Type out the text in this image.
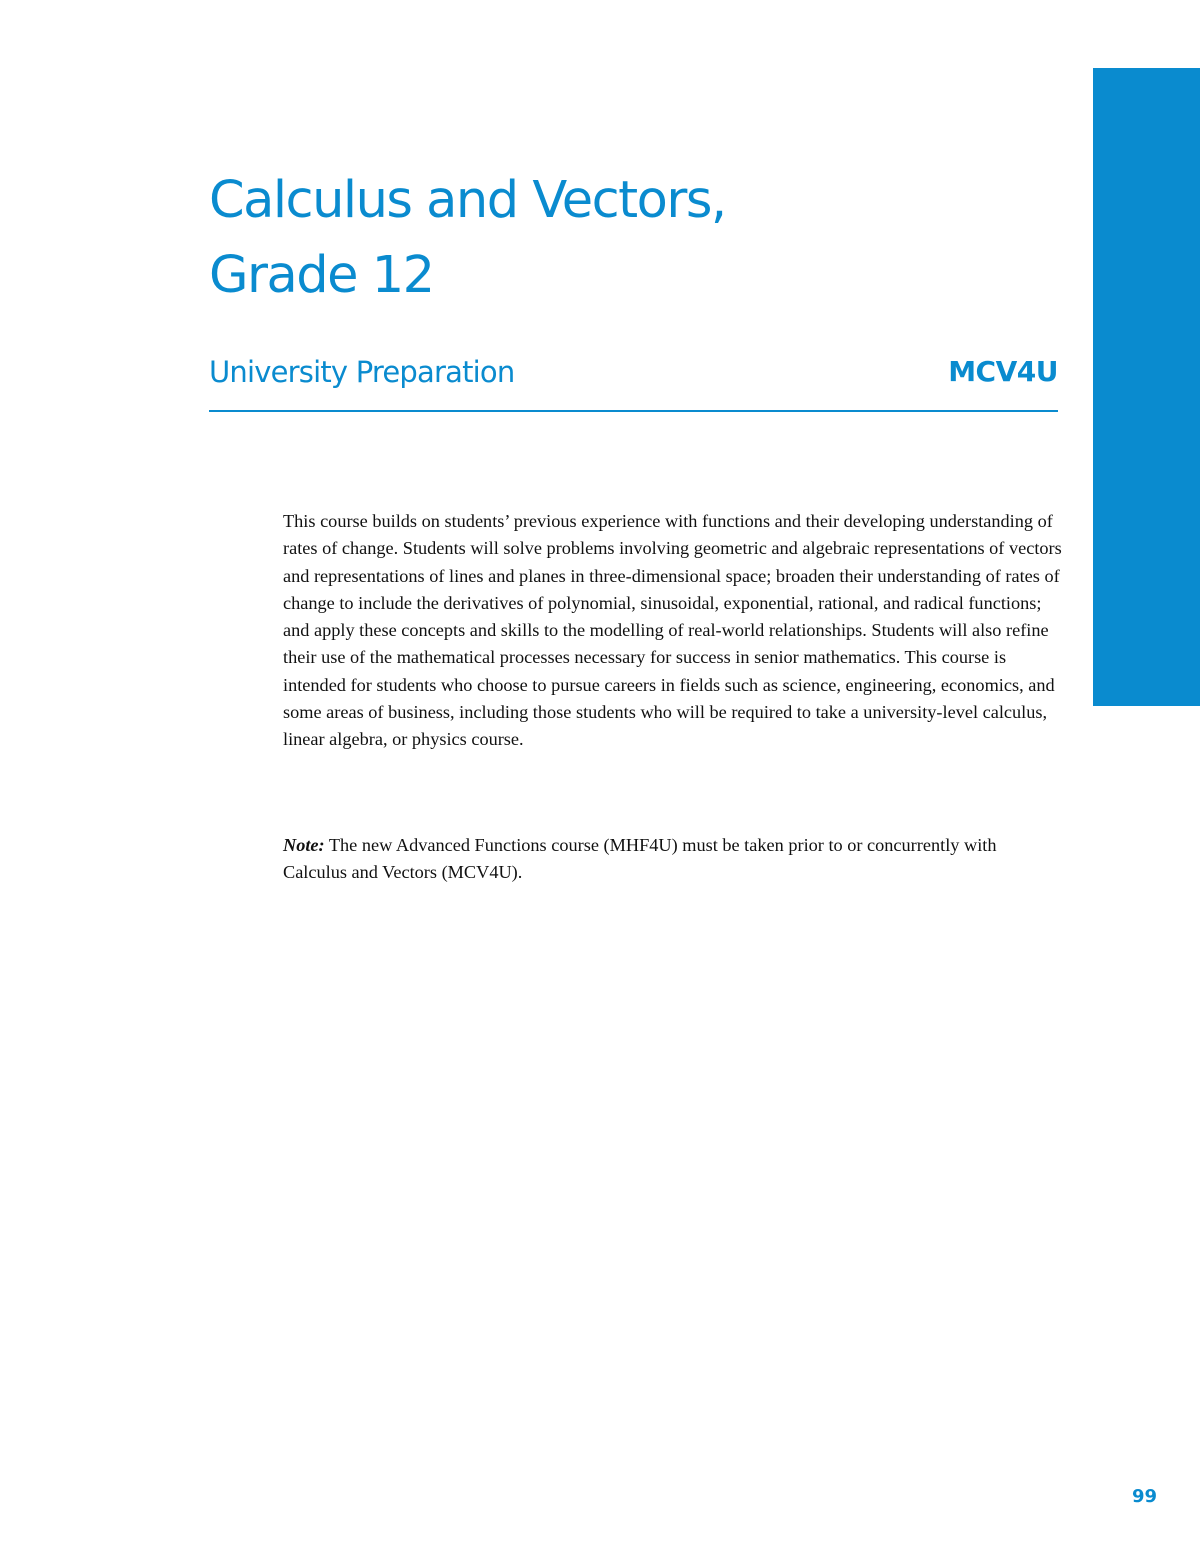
Calculus and Vectors,
Grade 12
University Preparation	MCV4U

This course builds on students’ previous experience with functions and their developing understanding of rates of change. Students will solve problems involving geometric and algebraic representations of vectors and representations of lines and planes in three-dimensional space; broaden their understanding of rates of change to include the derivatives of polynomial, sinusoidal, exponential, rational, and radical functions; and apply these concepts and skills to the modelling of real-world relationships. Students will also refine their use of the mathematical processes necessary for success in senior mathematics. This course is intended for students who choose to pursue careers in fields such as science, engineering, economics, and some areas of business, including those students who will be required to take a university-level calculus, linear algebra, or physics course.

Note: The new Advanced Functions course (MHF4U) must be taken prior to or concurrently with Calculus and Vectors (MCV4U).
99
